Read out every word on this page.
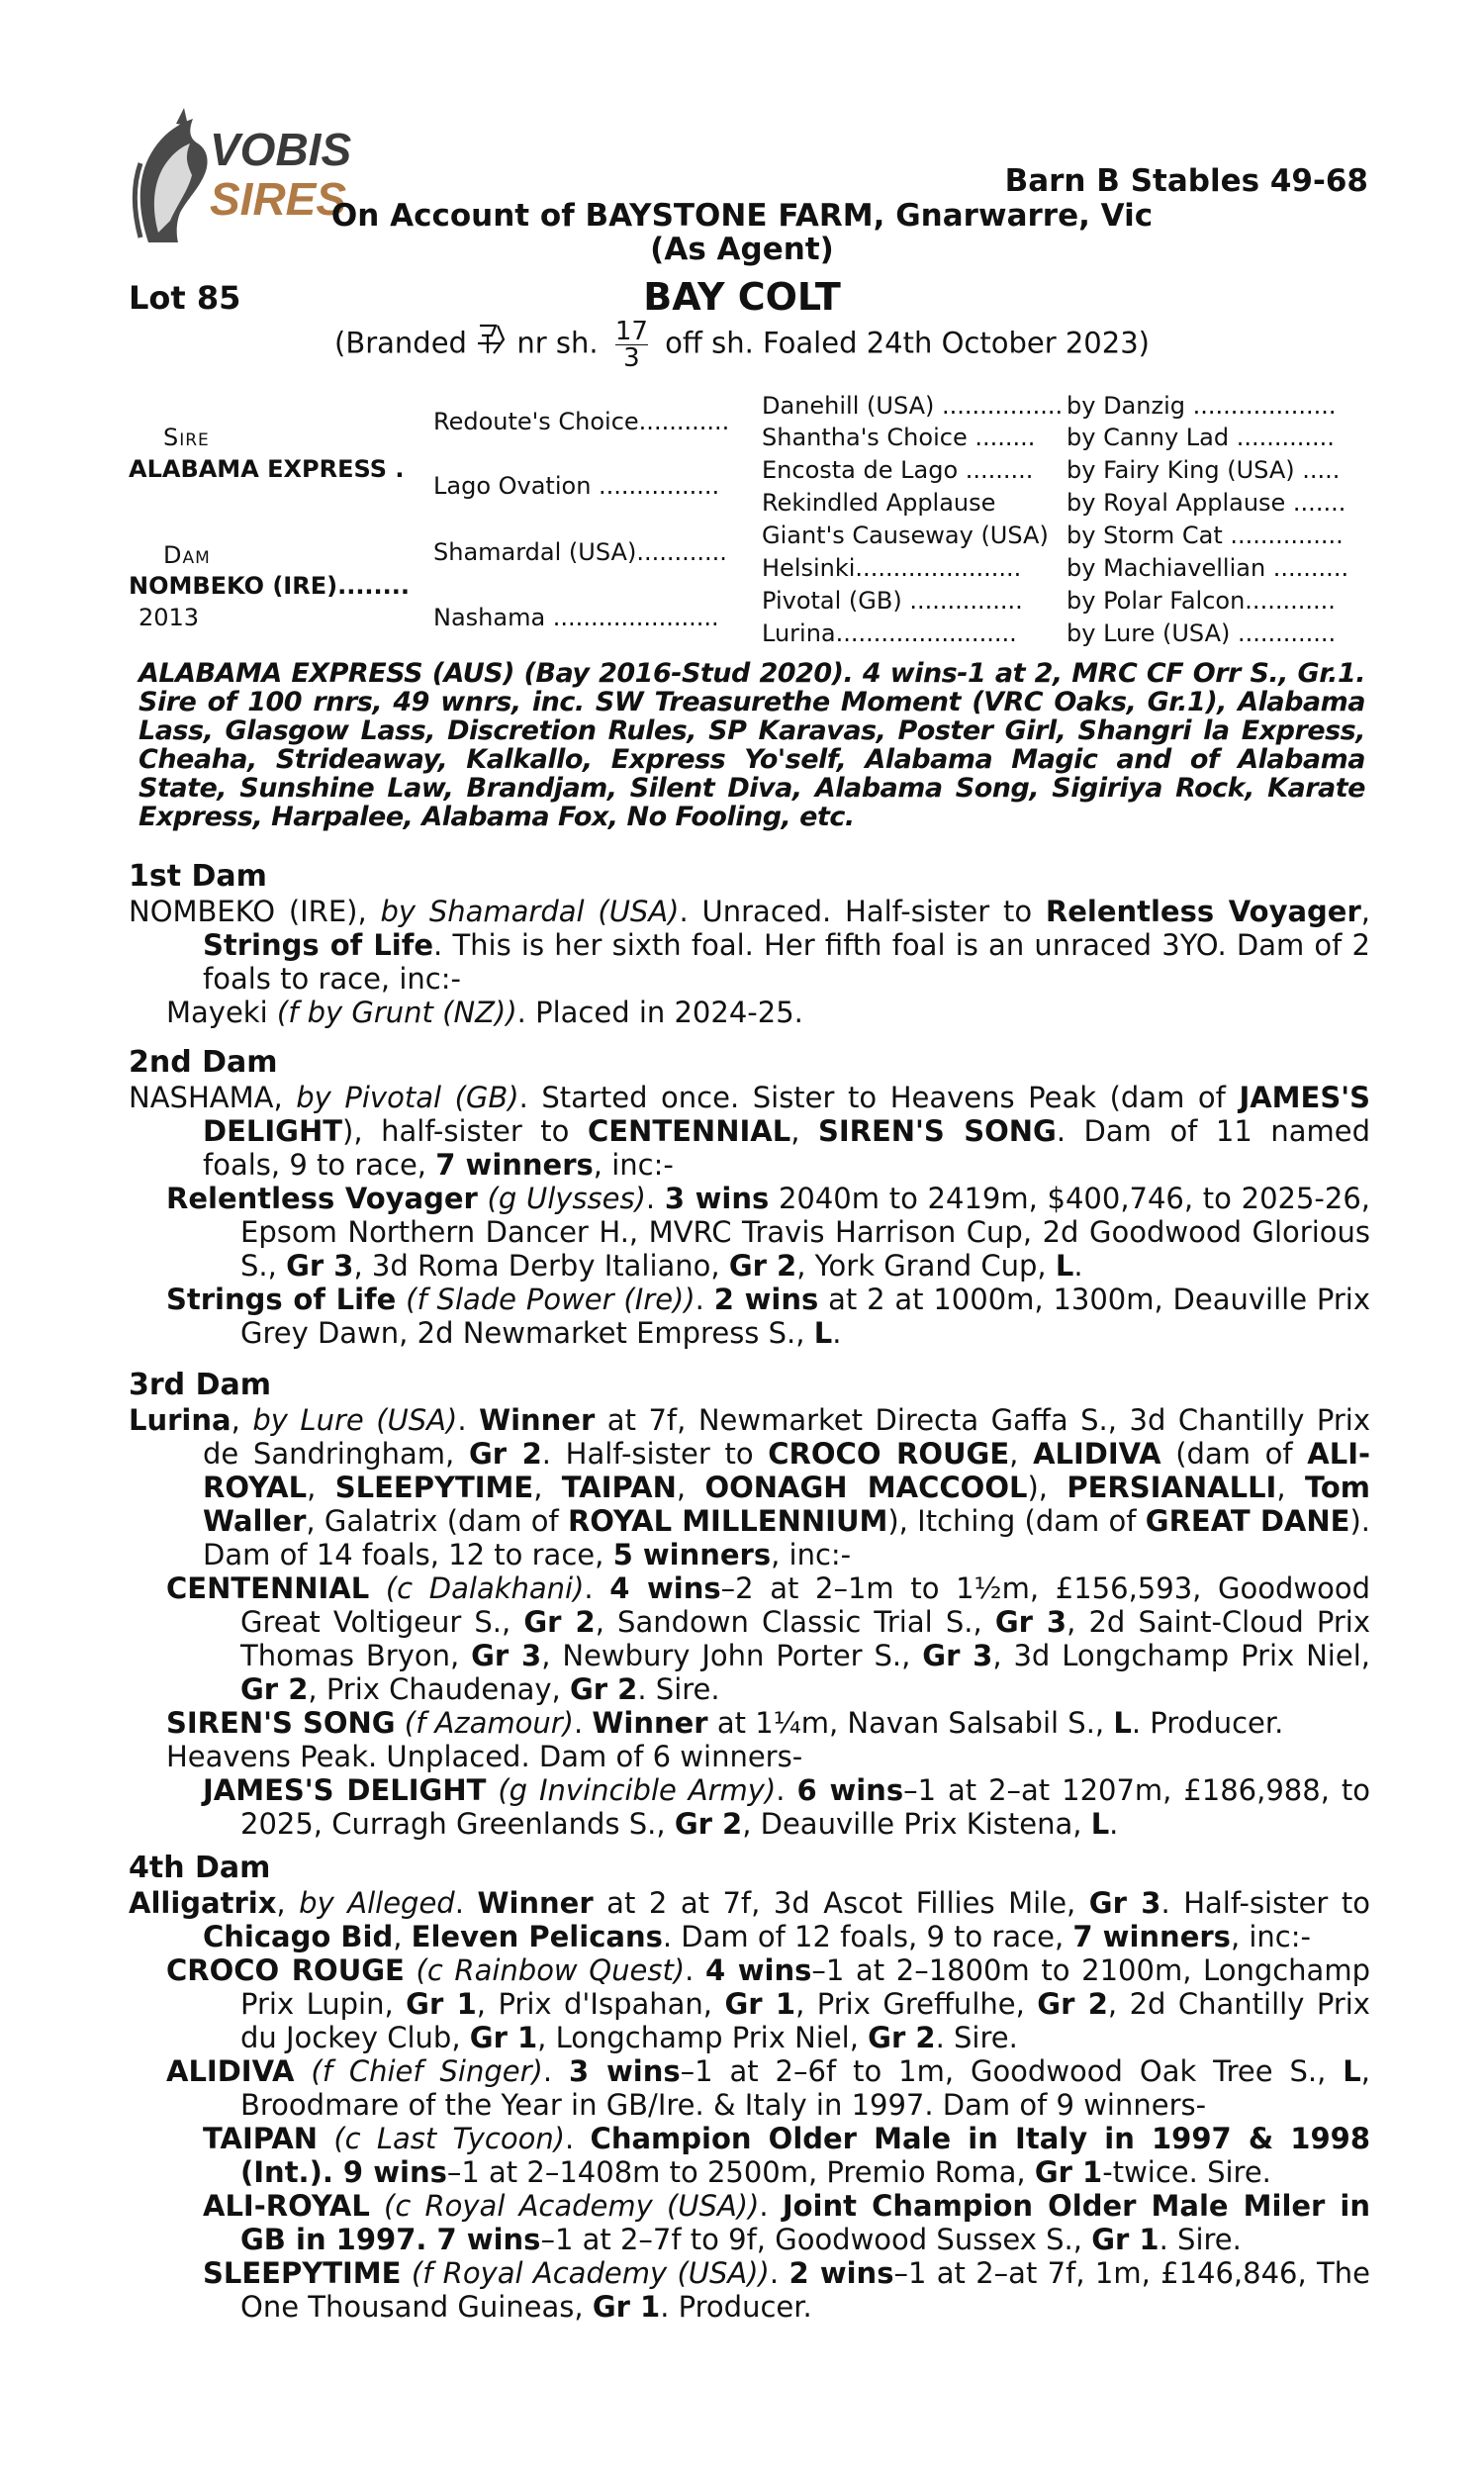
VOBIS
SIRES	Barn B Stables 49-68
On Account of BAYSTONE FARM, Gnarwarre, Vic
(As Agent)
Lot 85	BAY COLT
(Branded nr sh. $\frac{17}{3}$ off sh. Foaled 24th October 2023)
Sire
ALABAMA EXPRESS .
Dam
NOMBEKO (IRE)........
2013
Redoute's Choice............
Lago Ovation ................
Shamardal (USA)............
Nashama ......................
Danehill (USA) ................
Shantha's Choice ........
Encosta de Lago .........
Rekindled Applause
Giant's Causeway (USA)
Helsinki......................
Pivotal (GB) ...............
Lurina........................
by Danzig ...................
by Canny Lad .............
by Fairy King (USA) .....
by Royal Applause .......
by Storm Cat ...............
by Machiavellian ..........
by Polar Falcon............
by Lure (USA) .............
ALABAMA EXPRESS (AUS) (Bay 2016-Stud 2020). 4 wins-1 at 2, MRC CF Orr S., Gr.1. Sire of 100 rnrs, 49 wnrs, inc. SW Treasurethe Moment (VRC Oaks, Gr.1), Alabama Lass, Glasgow Lass, Discretion Rules, SP Karavas, Poster Girl, Shangri la Express, Cheaha, Strideaway, Kalkallo, Express Yo'self, Alabama Magic and of Alabama State, Sunshine Law, Brandjam, Silent Diva, Alabama Song, Sigiriya Rock, Karate Express, Harpalee, Alabama Fox, No Fooling, etc.
1st Dam
NOMBEKO (IRE), by Shamardal (USA). Unraced. Half-sister to Relentless Voyager, Strings of Life. This is her sixth foal. Her fifth foal is an unraced 3YO. Dam of 2 foals to race, inc:-
Mayeki (f by Grunt (NZ)). Placed in 2024-25.
2nd Dam
NASHAMA, by Pivotal (GB). Started once. Sister to Heavens Peak (dam of JAMES'S DELIGHT), half-sister to CENTENNIAL, SIREN'S SONG. Dam of 11 named foals, 9 to race, 7 winners, inc:-
Relentless Voyager (g Ulysses). 3 wins 2040m to 2419m, $400,746, to 2025-26, Epsom Northern Dancer H., MVRC Travis Harrison Cup, 2d Goodwood Glorious S., Gr 3, 3d Roma Derby Italiano, Gr 2, York Grand Cup, L.
Strings of Life (f Slade Power (Ire)). 2 wins at 2 at 1000m, 1300m, Deauville Prix Grey Dawn, 2d Newmarket Empress S., L.
3rd Dam
Lurina, by Lure (USA). Winner at 7f, Newmarket Directa Gaffa S., 3d Chantilly Prix de Sandringham, Gr 2. Half-sister to CROCO ROUGE, ALIDIVA (dam of ALI-ROYAL, SLEEPYTIME, TAIPAN, OONAGH MACCOOL), PERSIANALLI, Tom Waller, Galatrix (dam of ROYAL MILLENNIUM), Itching (dam of GREAT DANE). Dam of 14 foals, 12 to race, 5 winners, inc:-
CENTENNIAL (c Dalakhani). 4 wins–2 at 2–1m to 1½m, £156,593, Goodwood Great Voltigeur S., Gr 2, Sandown Classic Trial S., Gr 3, 2d Saint-Cloud Prix Thomas Bryon, Gr 3, Newbury John Porter S., Gr 3, 3d Longchamp Prix Niel, Gr 2, Prix Chaudenay, Gr 2. Sire.
SIREN'S SONG (f Azamour). Winner at 1¼m, Navan Salsabil S., L. Producer.
Heavens Peak. Unplaced. Dam of 6 winners-
JAMES'S DELIGHT (g Invincible Army). 6 wins–1 at 2–at 1207m, £186,988, to 2025, Curragh Greenlands S., Gr 2, Deauville Prix Kistena, L.
4th Dam
Alligatrix, by Alleged. Winner at 2 at 7f, 3d Ascot Fillies Mile, Gr 3. Half-sister to Chicago Bid, Eleven Pelicans. Dam of 12 foals, 9 to race, 7 winners, inc:-
CROCO ROUGE (c Rainbow Quest). 4 wins–1 at 2–1800m to 2100m, Longchamp Prix Lupin, Gr 1, Prix d'Ispahan, Gr 1, Prix Greffulhe, Gr 2, 2d Chantilly Prix du Jockey Club, Gr 1, Longchamp Prix Niel, Gr 2. Sire.
ALIDIVA (f Chief Singer). 3 wins–1 at 2–6f to 1m, Goodwood Oak Tree S., L, Broodmare of the Year in GB/Ire. & Italy in 1997. Dam of 9 winners-
TAIPAN (c Last Tycoon). Champion Older Male in Italy in 1997 & 1998 (Int.). 9 wins–1 at 2–1408m to 2500m, Premio Roma, Gr 1-twice. Sire.
ALI-ROYAL (c Royal Academy (USA)). Joint Champion Older Male Miler in GB in 1997. 7 wins–1 at 2–7f to 9f, Goodwood Sussex S., Gr 1. Sire.
SLEEPYTIME (f Royal Academy (USA)). 2 wins–1 at 2–at 7f, 1m, £146,846, The One Thousand Guineas, Gr 1. Producer.
